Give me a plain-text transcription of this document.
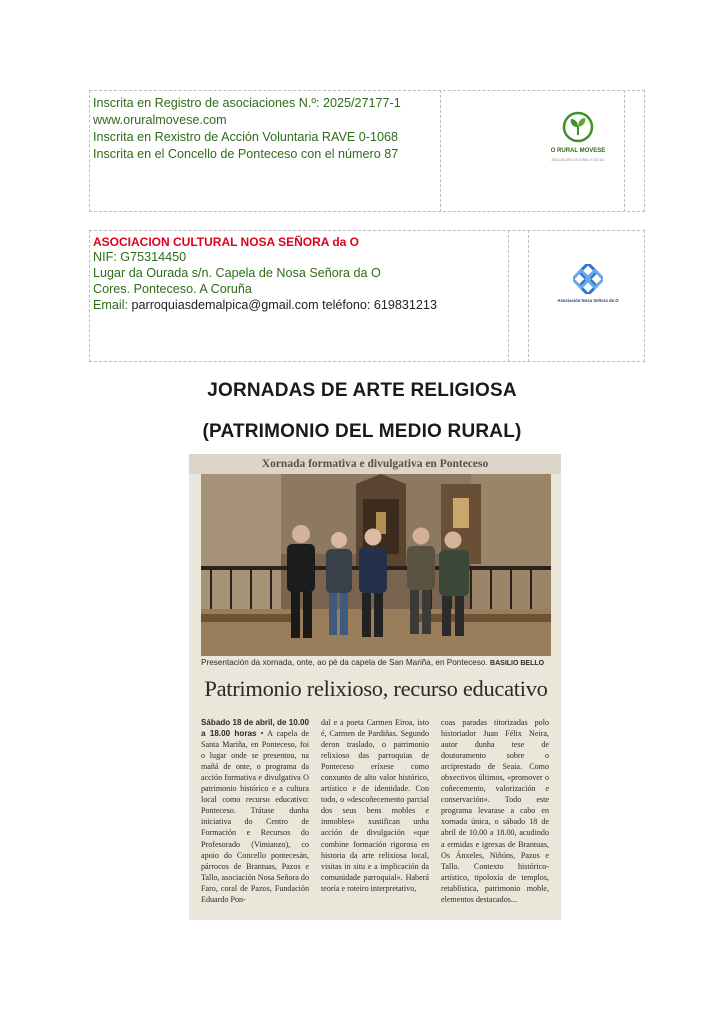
Inscrita en Registro de asociaciones N.º: 2025/27177-1
www.oruralmovese.com
Inscrita en Rexistro de Acción Voluntaria RAVE 0-1068
Inscrita en el Concello de Ponteceso con el número 87	O RURAL MOVESE
ASOCIACIÓN CULTURAL E SOCIAL
ASOCIACION CULTURAL NOSA SEÑORA da O
NIF: G75314450
Lugar da Ourada s/n. Capela de Nosa Señora da O
Cores. Ponteceso. A Coruña
Email: parroquiasdemalpica@gmail.com teléfono: 619831213	Asociación Nosa Señora da O
JORNADAS DE ARTE RELIGIOSA
(PATRIMONIO DEL MEDIO RURAL)
Xornada formativa e divulgativa en Ponteceso
Presentación da xornada, onte, ao pé da capela de San Mariña, en Ponteceso. BASILIO BELLO
Patrimonio relixioso, recurso educativo
Sábado 18 de abril, de 10.00 a 18.00 horas • A capela de Santa Mariña, en Ponteceso, foi o lugar onde se presentou, na mañá de onte, o programa da acción formativa e divulgativa O patrimonio histórico e a cultura local como recurso educativo: Ponteceso. Trátase dunha iniciativa do Centro de Formación e Recursos do Profesorado (Vimianzo), co apoio do Concello pontecesán, párrocos de Brantuas, Pazos e Tallo, asociación Nosa Señora do Faro, coral de Pazos, Fundación Eduardo Pon-
dal e a poeta Carmen Eiroa, isto é, Carmen de Pardiñas. Segundo deron traslado, o patrimonio relixioso das parroquias de Ponteceso eríxese como conxunto de alto valor histórico, artístico e de identidade. Con todo, o «descoñecemento parcial dos seus bens mobles e inmobles» xustifican unha acción de divulgación «que combine formación rigorosa en historia da arte relixiosa local, visitas in situ e a implicación da comunidade parroquial». Haberá teoría e roteiro interpretativo,
coas paradas titorizadas polo historiador Juan Félix Neira, autor dunha tese de doutoramento sobre o arciprestado de Seaia. Como obxectivos últimos, «promover o coñecemento, valorización e conservación». Todo este programa levarase a cabo en xornada única, o sábado 18 de abril de 10.00 a 18.00, acudindo a ermidas e igrexas de Brantuas, Os Ánxeles, Niñóns, Pazos e Tallo. Contexto histórico-artístico, tipoloxía de templos, retablística, patrimonio moble, elementos destacados...
